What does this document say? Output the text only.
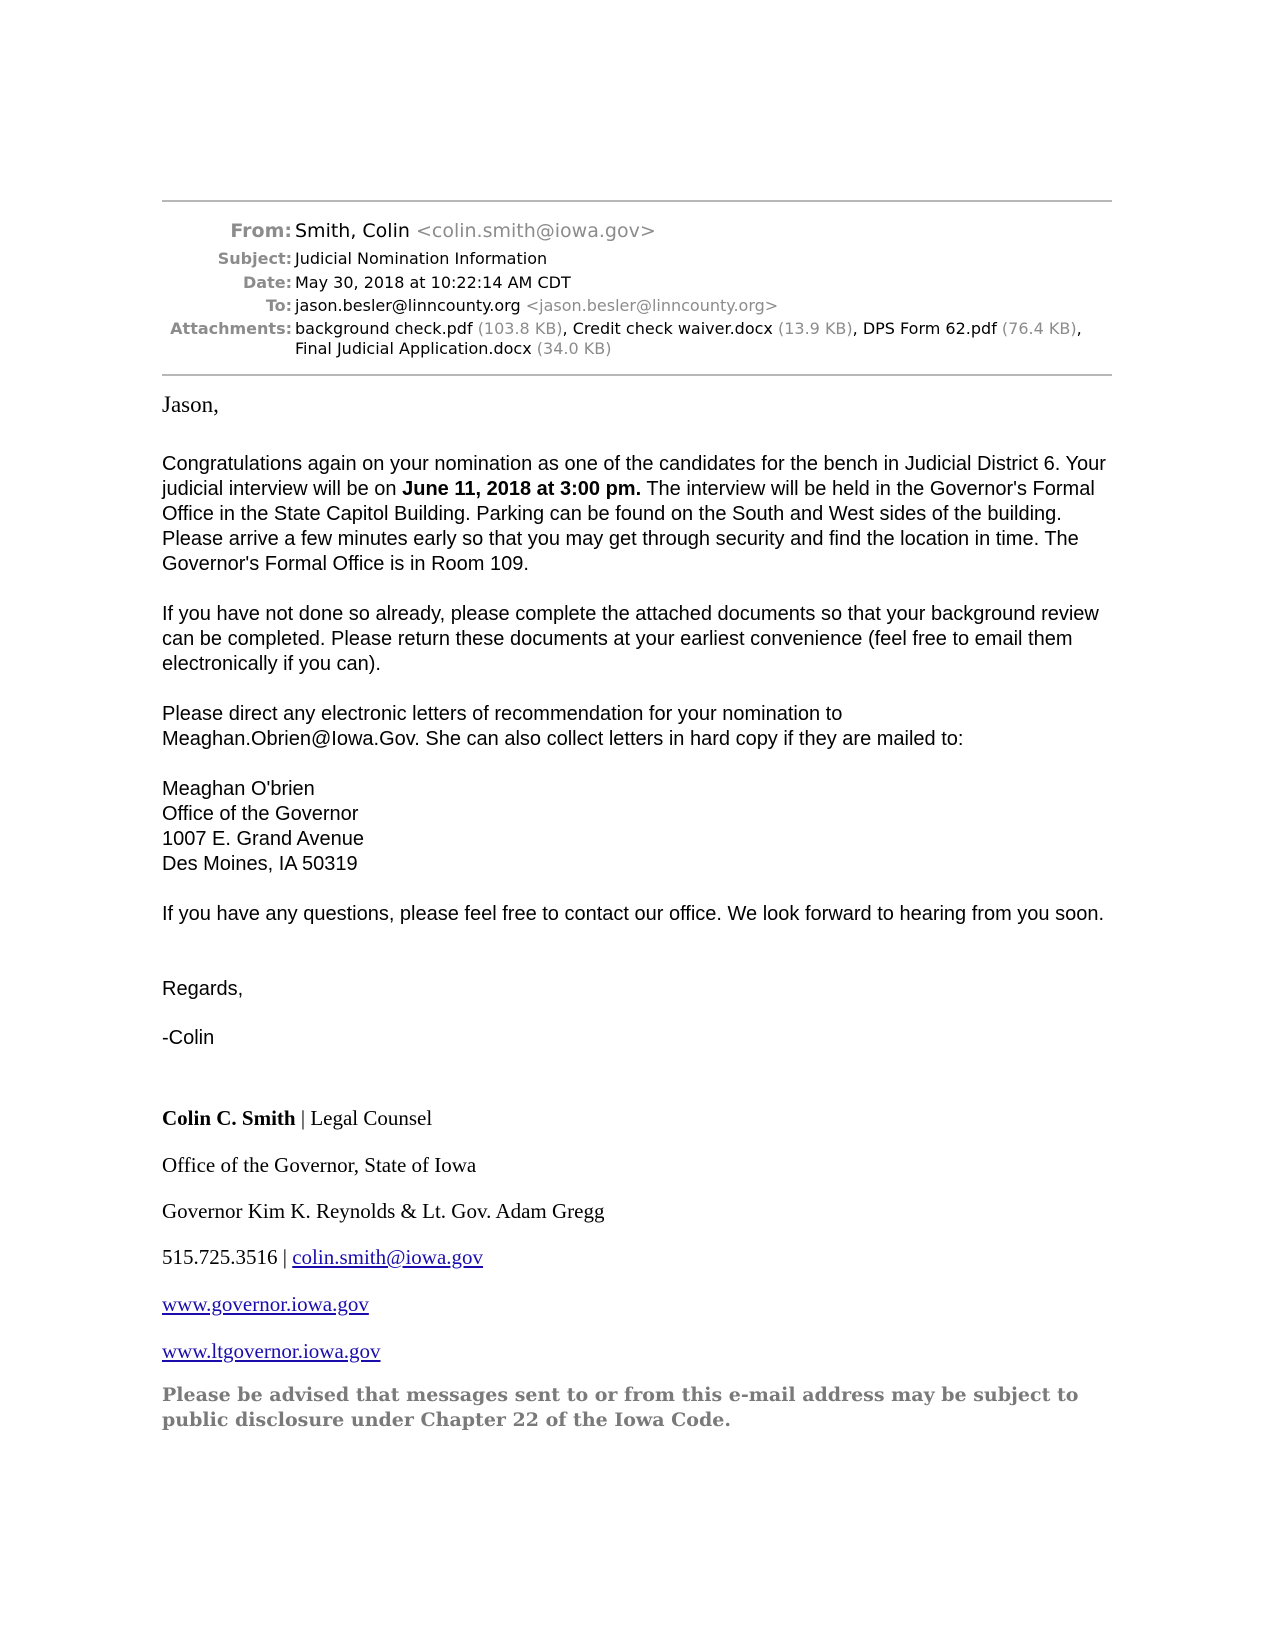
From: Smith, Colin <colin.smith@iowa.gov>
Subject: Judicial Nomination Information
Date: May 30, 2018 at 10:22:14 AM CDT
To: jason.besler@linncounty.org <jason.besler@linncounty.org>
Attachments: background check.pdf (103.8 KB), Credit check waiver.docx (13.9 KB), DPS Form 62.pdf (76.4 KB), Final Judicial Application.docx (34.0 KB)
Jason,

Congratulations again on your nomination as one of the candidates for the bench in Judicial District 6. Your judicial interview will be on June 11, 2018 at 3:00 pm. The interview will be held in the Governor's Formal Office in the State Capitol Building. Parking can be found on the South and West sides of the building. Please arrive a few minutes early so that you may get through security and find the location in time. The Governor's Formal Office is in Room 109.

If you have not done so already, please complete the attached documents so that your background review can be completed. Please return these documents at your earliest convenience (feel free to email them electronically if you can).

Please direct any electronic letters of recommendation for your nomination to
Meaghan.Obrien@Iowa.Gov. She can also collect letters in hard copy if they are mailed to:

Meaghan O'brien
Office of the Governor
1007 E. Grand Avenue
Des Moines, IA 50319

If you have any questions, please feel free to contact our office. We look forward to hearing from you soon.

Regards,

-Colin

Colin C. Smith | Legal Counsel
Office of the Governor, State of Iowa
Governor Kim K. Reynolds & Lt. Gov. Adam Gregg
515.725.3516 | colin.smith@iowa.gov
www.governor.iowa.gov
www.ltgovernor.iowa.gov
Please be advised that messages sent to or from this e-mail address may be subject to public disclosure under Chapter 22 of the Iowa Code.
